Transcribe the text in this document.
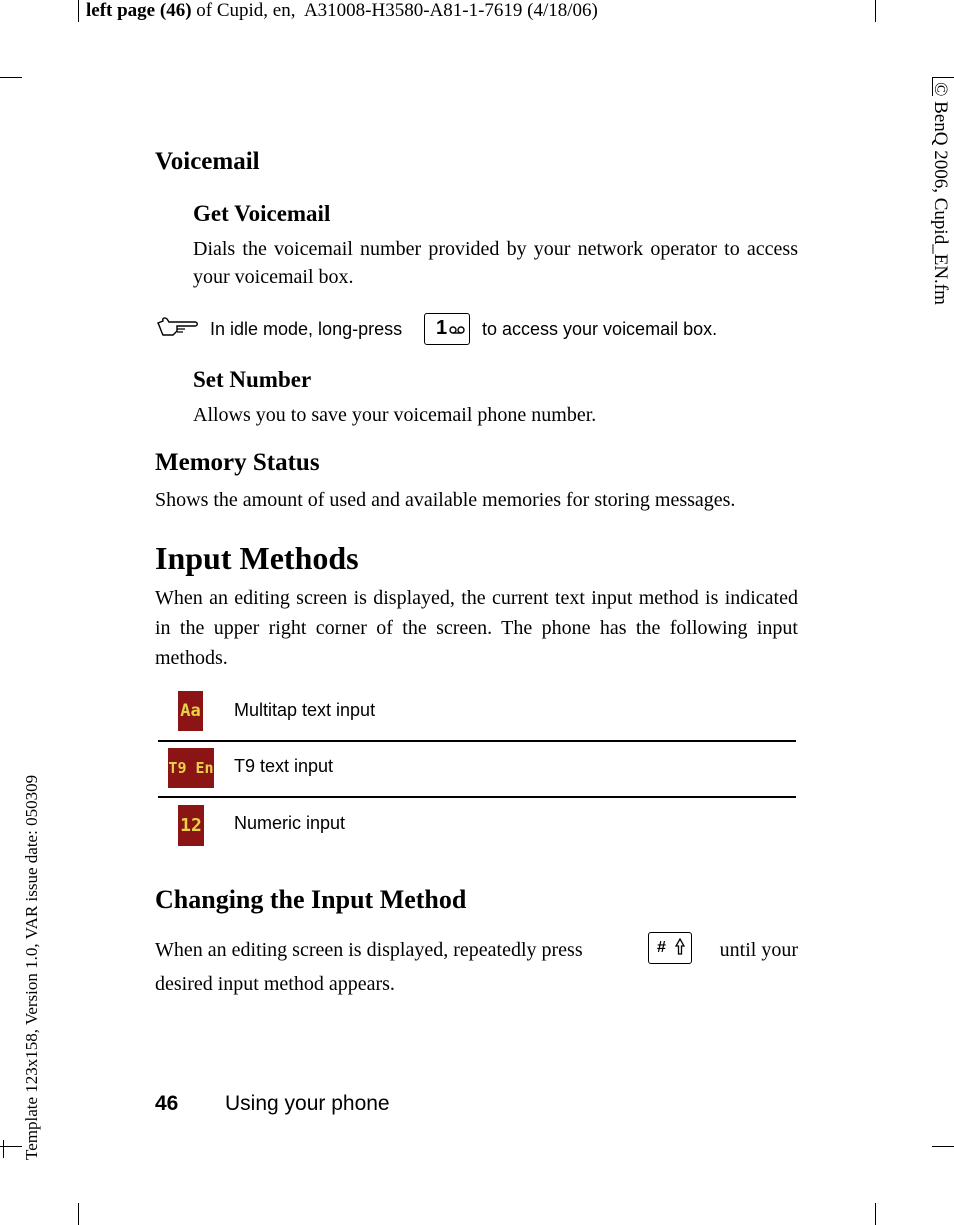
left page (46) of Cupid, en,  A31008-H3580-A81-1-7619 (4/18/06)
© BenQ 2006, Cupid_EN.fm
Template 123x158, Version 1.0, VAR issue date: 050309
Voicemail
Get Voicemail

Dials the voicemail number provided by your network operator to access your voicemail box.

In idle mode, long-press 1 to access your voicemail box.
Set Number

Allows you to save your voicemail phone number.

Memory Status

Shows the amount of used and available memories for storing messages.

Input Methods

When an editing screen is displayed, the current text input method is indicated in the upper right corner of the screen. The phone has the following input methods.

Aa Multitap text input
T9 En T9 text input
12 Numeric input
Changing the Input Method
When an editing screen is displayed, repeatedly press	#	until your

desired input method appears.

46 Using your phone
